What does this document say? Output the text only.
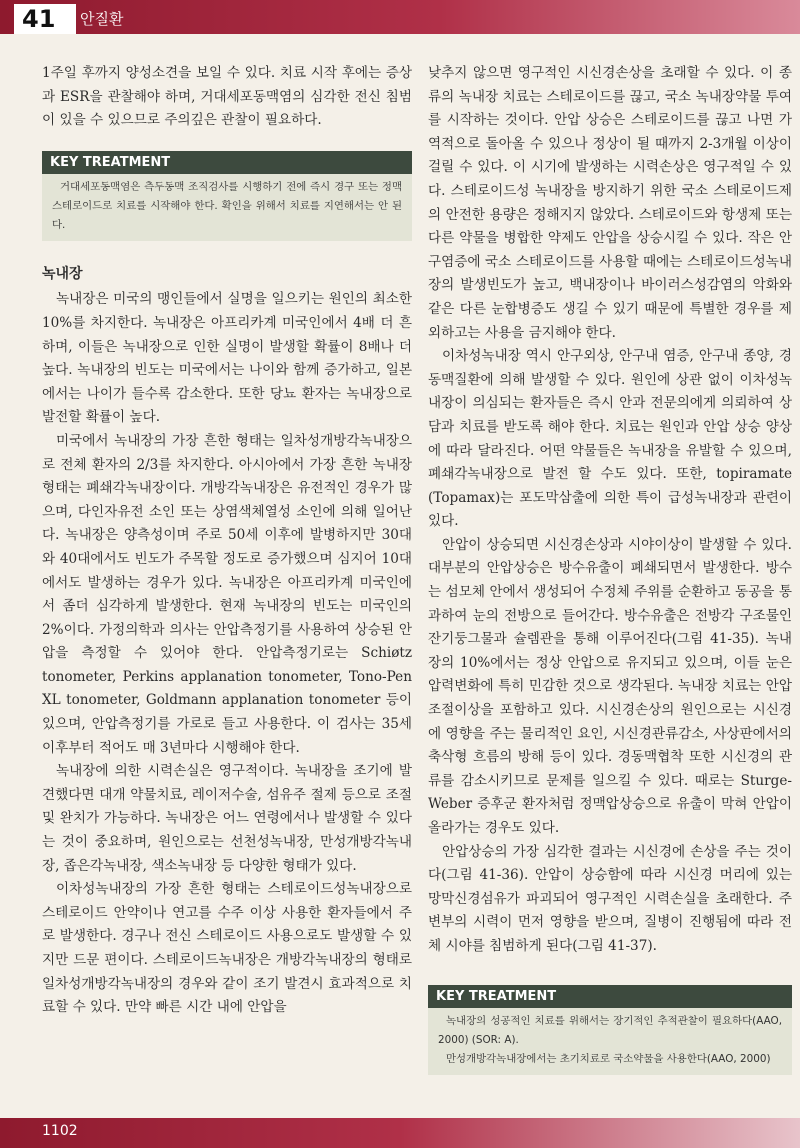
41	안질환

1주일 후까지 양성소견을 보일 수 있다. 치료 시작 후에는 증상과 ESR을 관찰해야 하며, 거대세포동맥염의 심각한 전신 침범이 있을 수 있으므로 주의깊은 관찰이 필요하다.

KEY TREATMENT

거대세포동맥염은 측두동맥 조직검사를 시행하기 전에 즉시 경구 또는 정맥스테로이드로 치료를 시작해야 한다. 확인을 위해서 치료를 지연해서는 안 된다.

녹내장

녹내장은 미국의 맹인들에서 실명을 일으키는 원인의 최소한 10%를 차지한다. 녹내장은 아프리카계 미국인에서 4배 더 흔하며, 이들은 녹내장으로 인한 실명이 발생할 확률이 8배나 더 높다. 녹내장의 빈도는 미국에서는 나이와 함께 증가하고, 일본에서는 나이가 들수록 감소한다. 또한 당뇨 환자는 녹내장으로 발전할 확률이 높다.

미국에서 녹내장의 가장 흔한 형태는 일차성개방각녹내장으로 전체 환자의 2/3를 차지한다. 아시아에서 가장 흔한 녹내장 형태는 폐쇄각녹내장이다. 개방각녹내장은 유전적인 경우가 많으며, 다인자유전 소인 또는 상염색체열성 소인에 의해 일어난다. 녹내장은 양측성이며 주로 50세 이후에 발병하지만 30대와 40대에서도 빈도가 주목할 정도로 증가했으며 심지어 10대에서도 발생하는 경우가 있다. 녹내장은 아프리카계 미국인에서 좀더 심각하게 발생한다. 현재 녹내장의 빈도는 미국인의 2%이다. 가정의학과 의사는 안압측정기를 사용하여 상승된 안압을 측정할 수 있어야 한다. 안압측정기로는 Schiøtz tonometer, Perkins applanation tonometer, Tono-Pen XL tonometer, Goldmann applanation tonometer 등이 있으며, 안압측정기를 가로로 들고 사용한다. 이 검사는 35세 이후부터 적어도 매 3년마다 시행해야 한다.

녹내장에 의한 시력손실은 영구적이다. 녹내장을 조기에 발견했다면 대개 약물치료, 레이저수술, 섬유주 절제 등으로 조절 및 완치가 가능하다. 녹내장은 어느 연령에서나 발생할 수 있다는 것이 중요하며, 원인으로는 선천성녹내장, 만성개방각녹내장, 좁은각녹내장, 색소녹내장 등 다양한 형태가 있다.

이차성녹내장의 가장 흔한 형태는 스테로이드성녹내장으로 스테로이드 안약이나 연고를 수주 이상 사용한 환자들에서 주로 발생한다. 경구나 전신 스테로이드 사용으로도 발생할 수 있지만 드문 편이다. 스테로이드녹내장은 개방각녹내장의 형태로 일차성개방각녹내장의 경우와 같이 조기 발견시 효과적으로 치료할 수 있다. 만약 빠른 시간 내에 안압을

낮추지 않으면 영구적인 시신경손상을 초래할 수 있다. 이 종류의 녹내장 치료는 스테로이드를 끊고, 국소 녹내장약물 투여를 시작하는 것이다. 안압 상승은 스테로이드를 끊고 나면 가역적으로 돌아올 수 있으나 정상이 될 때까지 2-3개월 이상이 걸릴 수 있다. 이 시기에 발생하는 시력손상은 영구적일 수 있다. 스테로이드성 녹내장을 방지하기 위한 국소 스테로이드제의 안전한 용량은 정해지지 않았다. 스테로이드와 항생제 또는 다른 약물을 병합한 약제도 안압을 상승시킬 수 있다. 작은 안구염증에 국소 스테로이드를 사용할 때에는 스테로이드성녹내장의 발생빈도가 높고, 백내장이나 바이러스성감염의 악화와 같은 다른 눈합병증도 생길 수 있기 때문에 특별한 경우를 제외하고는 사용을 금지해야 한다.

이차성녹내장 역시 안구외상, 안구내 염증, 안구내 종양, 경동맥질환에 의해 발생할 수 있다. 원인에 상관 없이 이차성녹내장이 의심되는 환자들은 즉시 안과 전문의에게 의뢰하여 상담과 치료를 받도록 해야 한다. 치료는 원인과 안압 상승 양상에 따라 달라진다. 어떤 약물들은 녹내장을 유발할 수 있으며, 폐쇄각녹내장으로 발전 할 수도 있다. 또한, topiramate (Topamax)는 포도막삼출에 의한 특이 급성녹내장과 관련이 있다.

안압이 상승되면 시신경손상과 시야이상이 발생할 수 있다. 대부분의 안압상승은 방수유출이 폐쇄되면서 발생한다. 방수는 섬모체 안에서 생성되어 수정체 주위를 순환하고 동공을 통과하여 눈의 전방으로 들어간다. 방수유출은 전방각 구조물인 잔기둥그물과 슐렘관을 통해 이루어진다(그림 41-35). 녹내장의 10%에서는 정상 안압으로 유지되고 있으며, 이들 눈은 압력변화에 특히 민감한 것으로 생각된다. 녹내장 치료는 안압조절이상을 포함하고 있다. 시신경손상의 원인으로는 시신경에 영향을 주는 물리적인 요인, 시신경관류감소, 사상판에서의 축삭형 흐름의 방해 등이 있다. 경동맥협착 또한 시신경의 관류를 감소시키므로 문제를 일으킬 수 있다. 때로는 Sturge-Weber 증후군 환자처럼 정맥압상승으로 유출이 막혀 안압이 올라가는 경우도 있다.

안압상승의 가장 심각한 결과는 시신경에 손상을 주는 것이다(그림 41-36). 안압이 상승함에 따라 시신경 머리에 있는 망막신경섬유가 파괴되어 영구적인 시력손실을 초래한다. 주변부의 시력이 먼저 영향을 받으며, 질병이 진행됨에 따라 전체 시야를 침범하게 된다(그림 41-37).

KEY TREATMENT

녹내장의 성공적인 치료를 위해서는 장기적인 추적관찰이 필요하다(AAO, 2000) (SOR: A).

만성개방각녹내장에서는 초기치료로 국소약물을 사용한다(AAO, 2000)

1102
